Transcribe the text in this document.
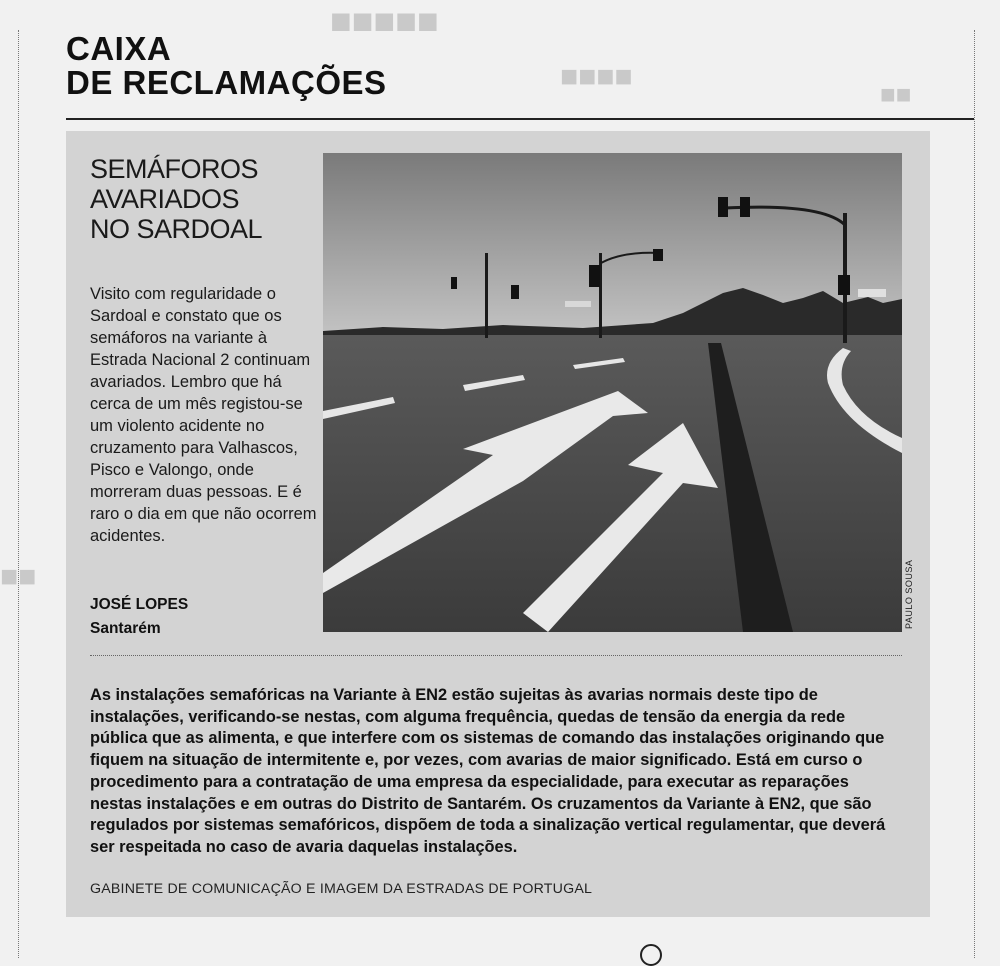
■■■■■
■■■■
■■
■■
CAIXA
DE RECLAMAÇÕES
SEMÁFOROS
AVARIADOS
NO SARDOAL

Visito com regularidade o Sardoal e constato que os semáforos na variante à Estrada Nacional 2 continuam avariados. Lembro que há cerca de um mês registou-se um violento acidente no cruzamento para Valhascos, Pisco e Valongo, onde morreram duas pessoas. E é raro o dia em que não ocorrem acidentes.

JOSÉ LOPES
Santarém	PAULO SOUSA

As instalações semafóricas na Variante à EN2 estão sujeitas às avarias normais deste tipo de instalações, verificando-se nestas, com alguma frequência, quedas de tensão da energia da rede pública que as alimenta, e que interfere com os sistemas de comando das instalações originando que fiquem na situação de intermitente e, por vezes, com avarias de maior significado. Está em curso o procedimento para a contratação de uma empresa da especialidade, para executar as reparações nestas instalações e em outras do Distrito de Santarém. Os cruzamentos da Variante à EN2, que são regulados por sistemas semafóricos, dispõem de toda a sinalização vertical regulamentar, que deverá ser respeitada no caso de avaria daquelas instalações.

GABINETE DE COMUNICAÇÃO E IMAGEM DA ESTRADAS DE PORTUGAL
